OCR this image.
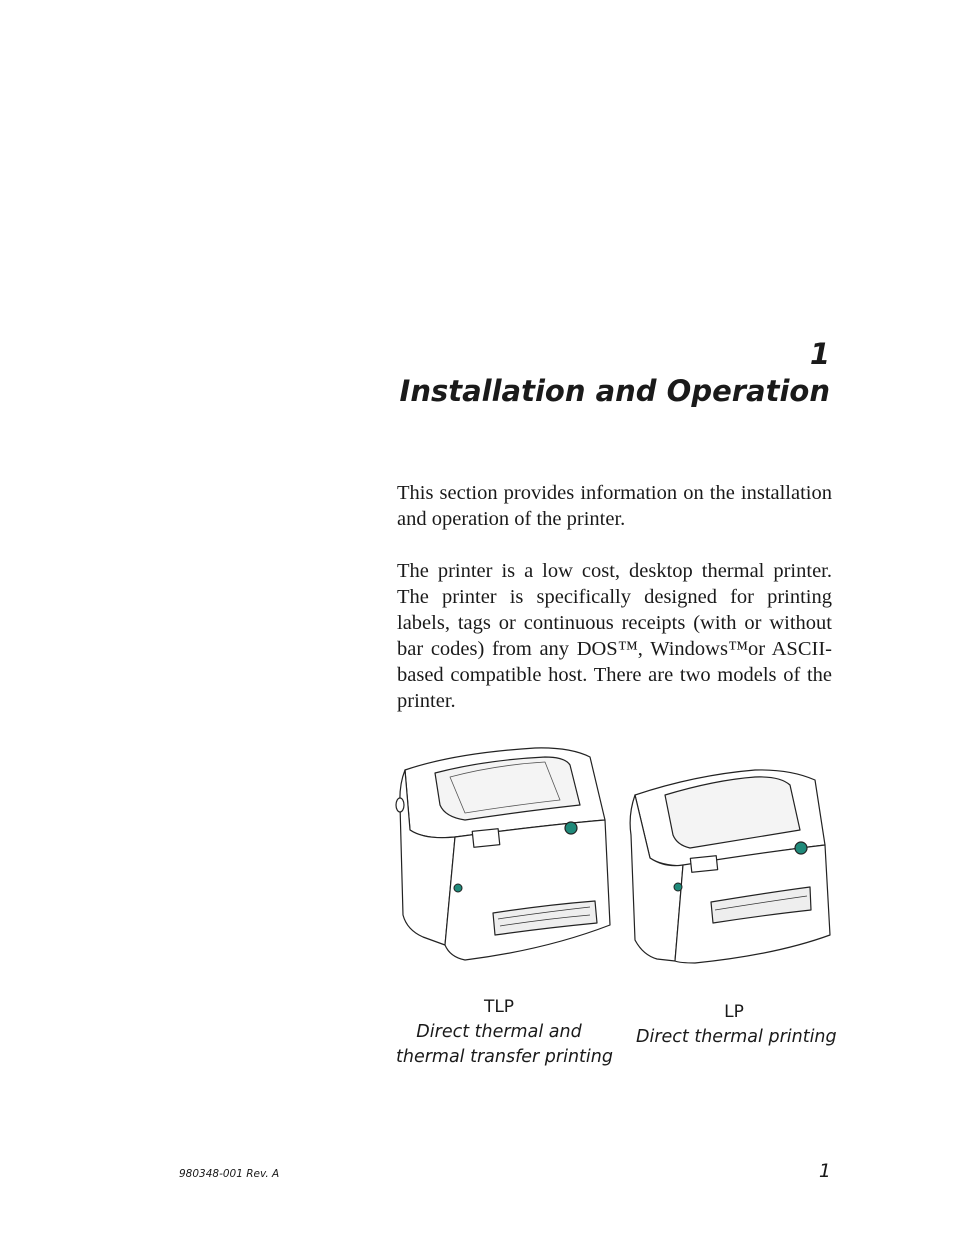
1
Installation and Operation

This section provides information on the installation and operation of the printer.

The printer is a low cost, desktop thermal printer. The printer is specifically designed for printing labels, tags or continuous receipts (with or without bar codes) from any DOS™, Windows™or ASCII-based compatible host. There are two models of the printer.

TLP
Direct thermal and
thermal transfer printing
LP
Direct thermal printing
980348-001 Rev. A	1
